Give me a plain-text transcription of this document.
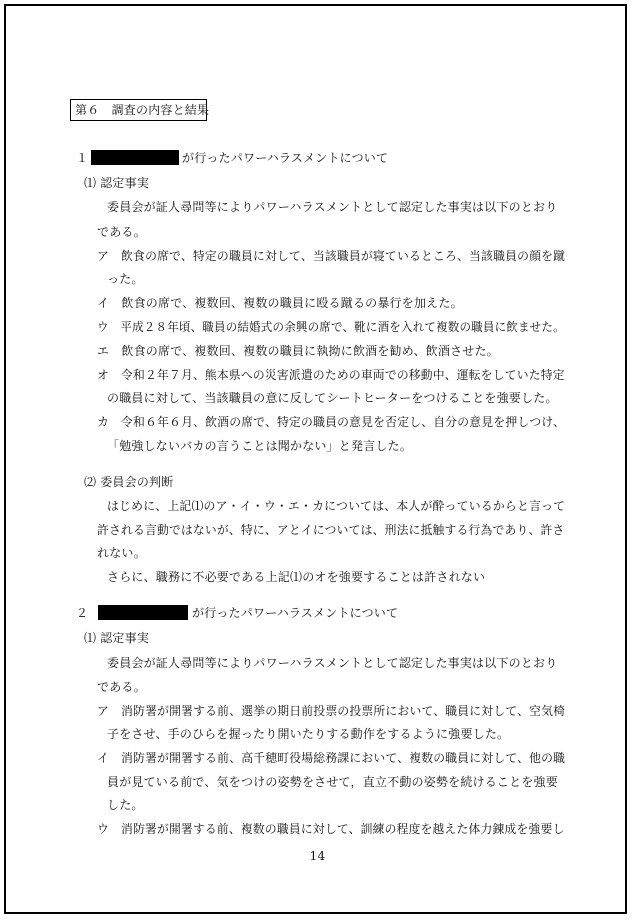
第６　調査の内容と結果
１	が行ったパワーハラスメントについて
⑴ 認定事実
委員会が証人尋問等によりパワーハラスメントとして認定した事実は以下のとおり
である。
ア　飲食の席で、特定の職員に対して、当該職員が寝ているところ、当該職員の顔を蹴
った。
イ　飲食の席で、複数回、複数の職員に殴る蹴るの暴行を加えた。
ウ　平成２８年頃、職員の結婚式の余興の席で、靴に酒を入れて複数の職員に飲ませた。
エ　飲食の席で、複数回、複数の職員に執拗に飲酒を勧め、飲酒させた。
オ　令和２年７月、熊本県への災害派遣のための車両での移動中、運転をしていた特定
の職員に対して、当該職員の意に反してシートヒーターをつけることを強要した。
カ　令和６年６月、飲酒の席で、特定の職員の意見を否定し、自分の意見を押しつけ、
「勉強しないバカの言うことは聞かない」と発言した。
⑵ 委員会の判断
はじめに、上記⑴のア・イ・ウ・エ・カについては、本人が酔っているからと言って
許される言動ではないが、特に、アとイについては、刑法に抵触する行為であり、許さ
れない。
さらに、職務に不必要である上記⑴のオを強要することは許されない
２	が行ったパワーハラスメントについて
⑴ 認定事実
委員会が証人尋問等によりパワーハラスメントとして認定した事実は以下のとおり
である。
ア　消防署が開署する前、選挙の期日前投票の投票所において、職員に対して、空気椅
子をさせ、手のひらを握ったり開いたりする動作をするように強要した。
イ　消防署が開署する前、高千穂町役場総務課において、複数の職員に対して、他の職
員が見ている前で、気をつけの姿勢をさせて，直立不動の姿勢を続けることを強要
した。
ウ　消防署が開署する前、複数の職員に対して、訓練の程度を越えた体力錬成を強要し
14
